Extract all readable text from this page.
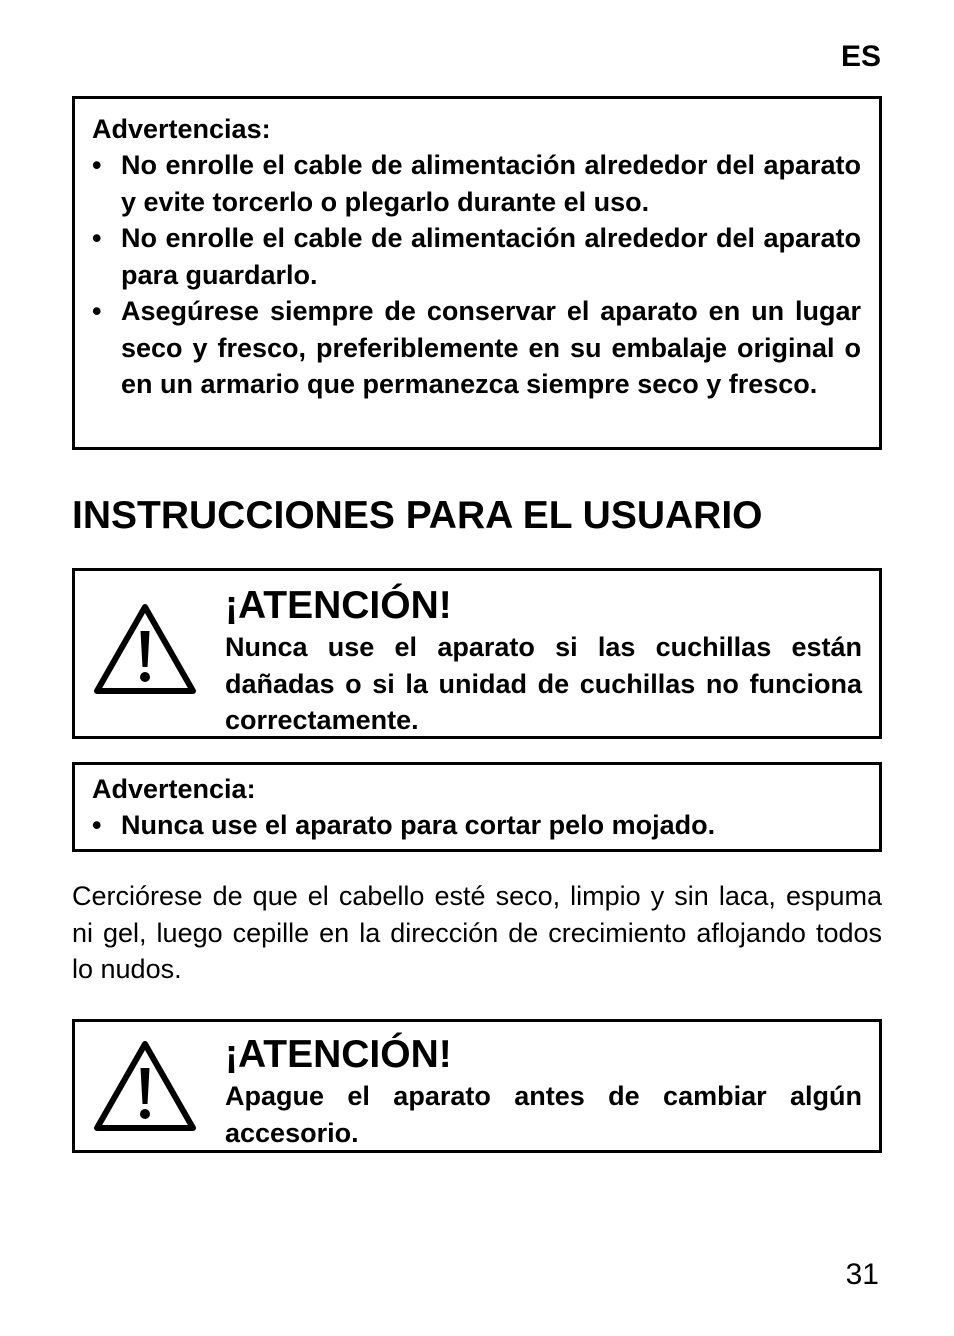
ES
Advertencias:
• No enrolle el cable de alimentación alrededor del aparato y evite torcerlo o plegarlo durante el uso.
• No enrolle el cable de alimentación alrededor del aparato para guardarlo.
• Asegúrese siempre de conservar el aparato en un lugar seco y fresco, preferiblemente en su embalaje original o en un armario que permanezca siempre seco y fresco.
INSTRUCCIONES PARA EL USUARIO
¡ATENCIÓN!
Nunca use el aparato si las cuchillas están dañadas o si la unidad de cuchillas no funciona correctamente.
Advertencia:
• Nunca use el aparato para cortar pelo mojado.
Cerciórese de que el cabello esté seco, limpio y sin laca, espuma ni gel, luego cepille en la dirección de crecimiento aflojando todos lo nudos.
¡ATENCIÓN!
Apague el aparato antes de cambiar algún accesorio.
31
